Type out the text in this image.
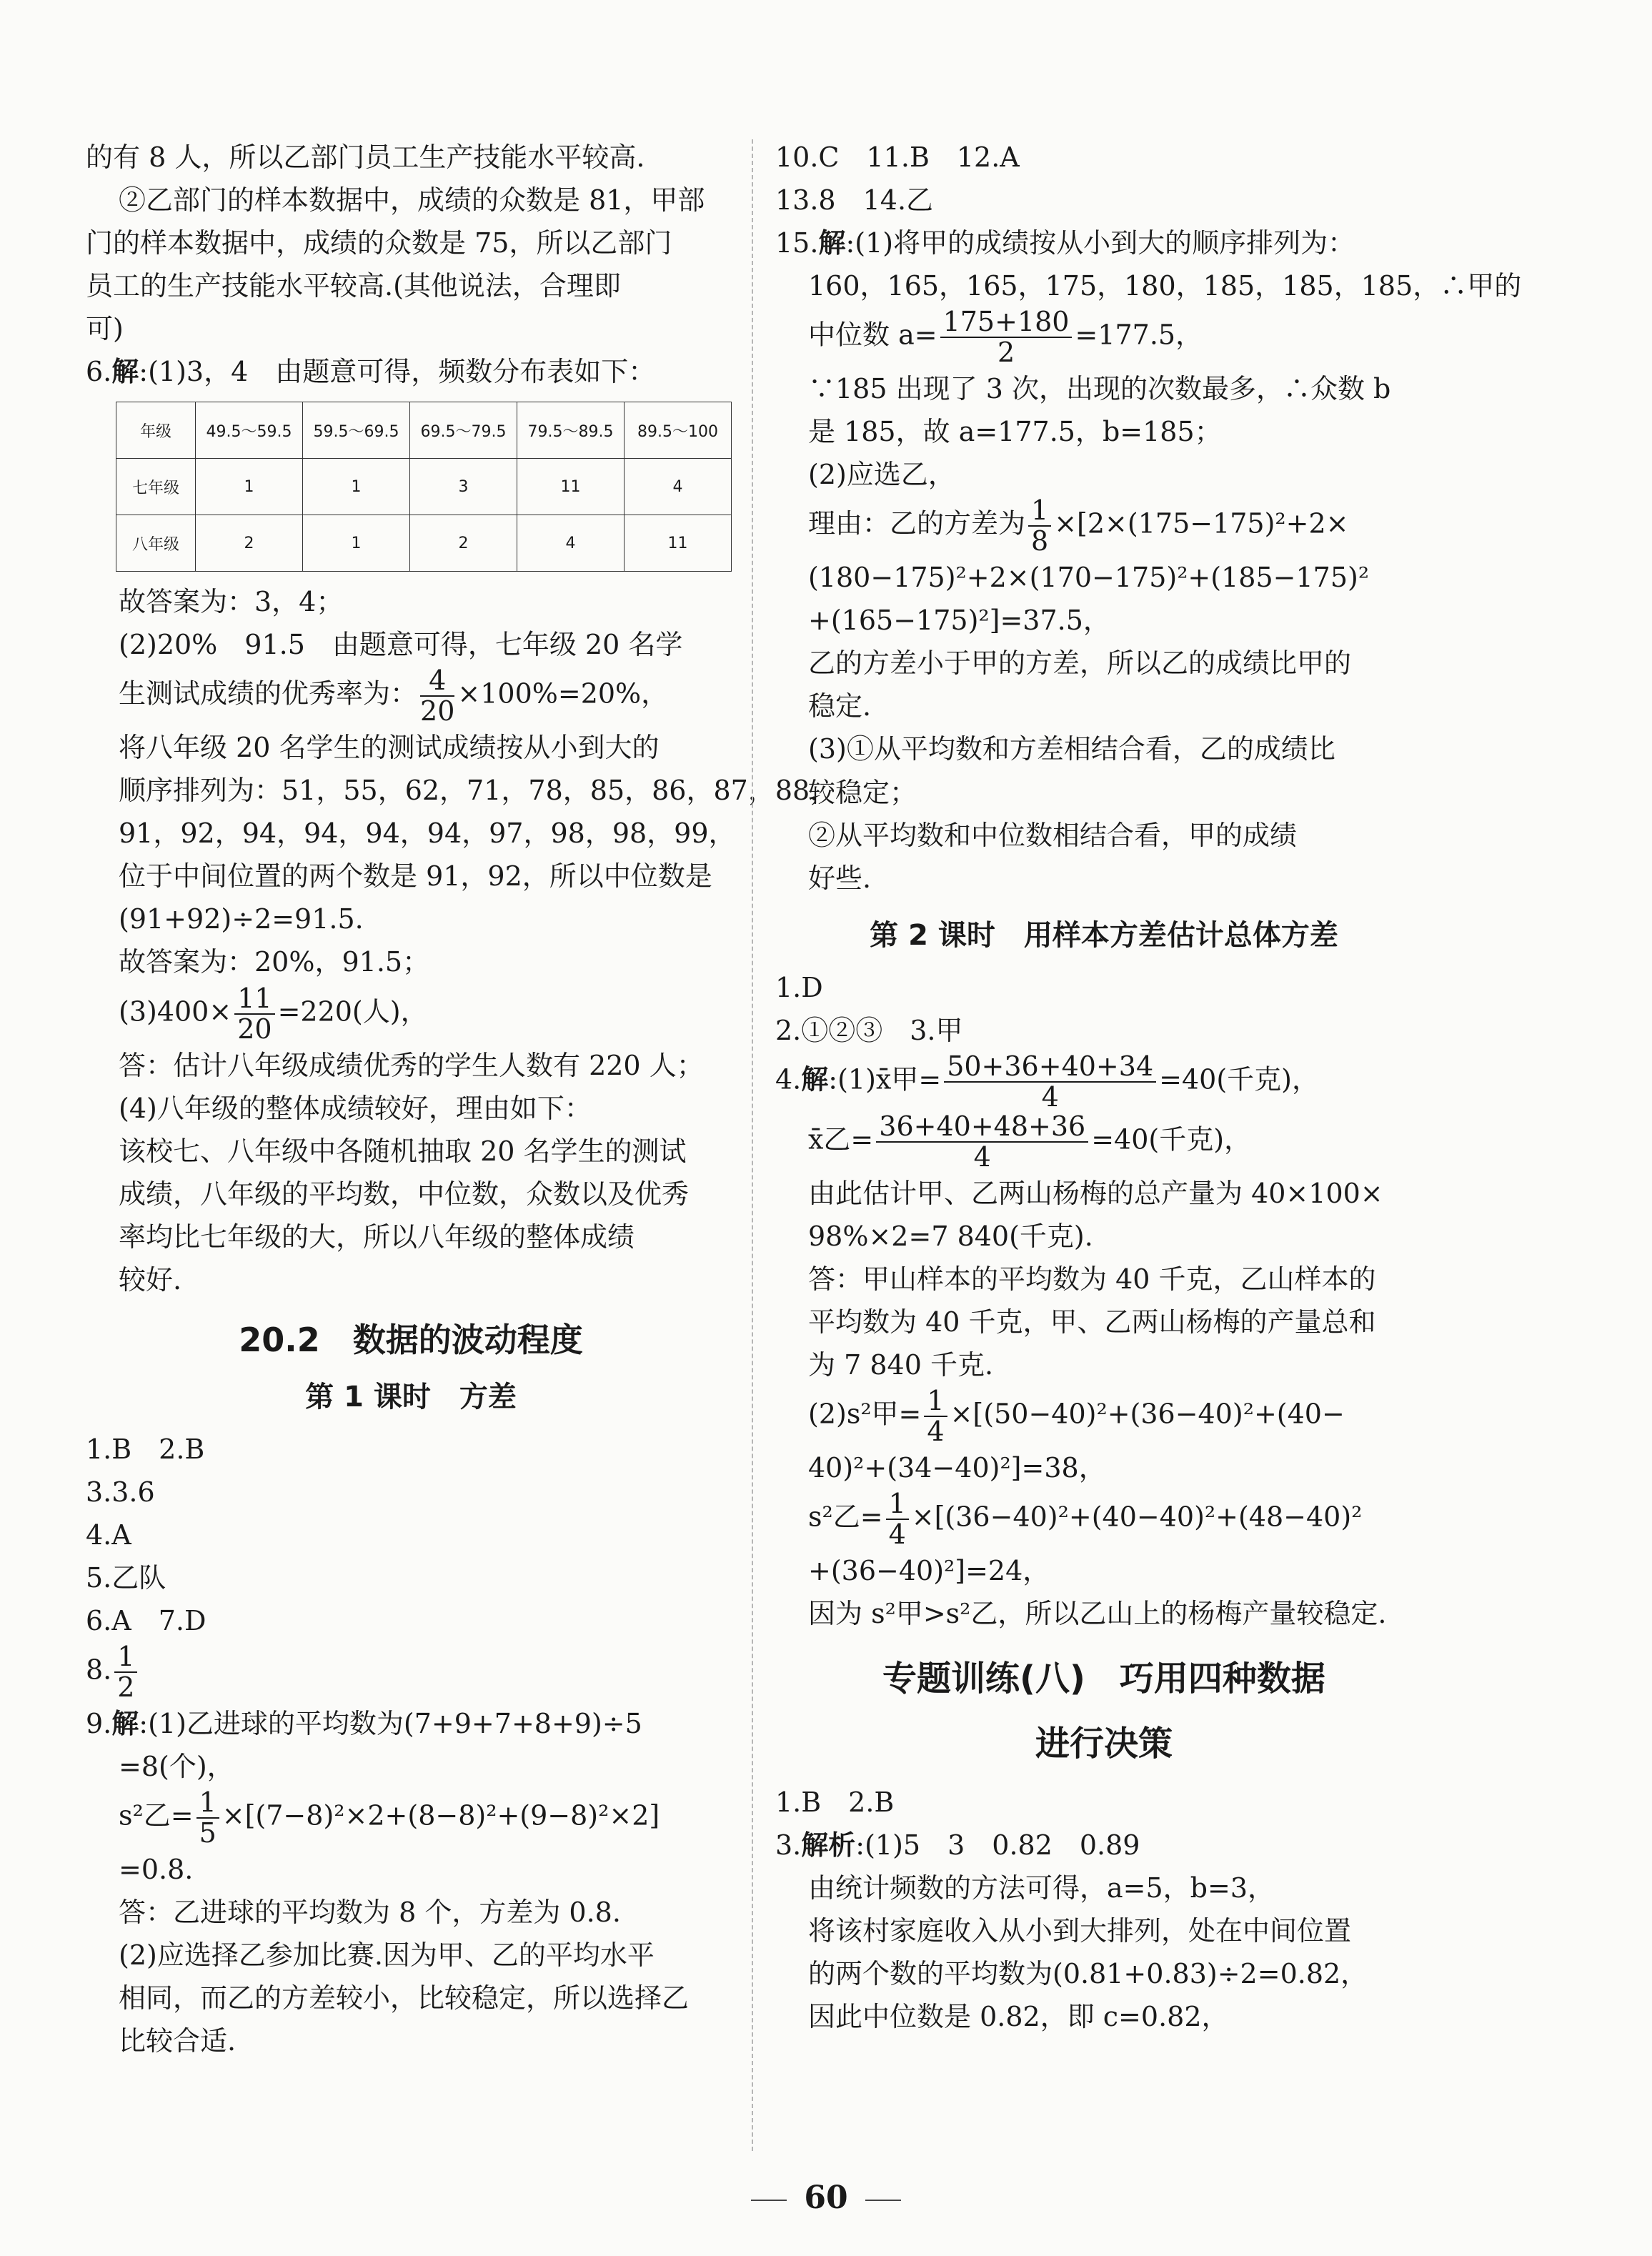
的有 8 人，所以乙部门员工生产技能水平较高.
②乙部门的样本数据中，成绩的众数是 81，甲部
门的样本数据中，成绩的众数是 75，所以乙部门
员工的生产技能水平较高.(其他说法，合理即
可)
6.解:(1)3，4　由题意可得，频数分布表如下：
年级	49.5～59.5	59.5～69.5	69.5～79.5	79.5～89.5	89.5～100
七年级	1	1	3	11	4
八年级	2	1	2	4	11
故答案为：3，4；
(2)20%　91.5　由题意可得，七年级 20 名学
生测试成绩的优秀率为： $\frac{4}{20} \times 100\%=20\%$，
将八年级 20 名学生的测试成绩按从小到大的
顺序排列为：51，55，62，71，78，85，86，87，88，
91，92，94，94，94，94，97，98，98，99，
位于中间位置的两个数是 91，92，所以中位数是
(91+92)÷2=91.5.
故答案为：20%，91.5；
$(3)400\times \frac{11}{20} =220$(人)，
答：估计八年级成绩优秀的学生人数有 220 人；
(4)八年级的整体成绩较好，理由如下：
该校七、八年级中各随机抽取 20 名学生的测试
成绩，八年级的平均数，中位数，众数以及优秀
率均比七年级的大，所以八年级的整体成绩
较好.
20.2　数据的波动程度
第 1 课时　方差
1.B　2.B
3.3.6
4.A
5.乙队
6.A　7.D
8. $\frac{1}{2}$
9.解:(1)乙进球的平均数为(7+9+7+8+9)÷5
=8(个)，
s²乙= $\frac{1}{5} \times[(7-8)^2\times 2+(8-8)^2+(9-8)^2\times 2]$
=0.8.
答：乙进球的平均数为 8 个，方差为 0.8.
(2)应选择乙参加比赛.因为甲、乙的平均水平
相同，而乙的方差较小，比较稳定，所以选择乙
比较合适.
10.C　11.B　12.A
13.8　14.乙
15.解:(1)将甲的成绩按从小到大的顺序排列为：
160，165，165，175，180，185，185，185，∴甲的
中位数 $a= \frac{175+180}{2} =177.5$，
∵185 出现了 3 次，出现的次数最多，∴众数 b
是 185，故 a=177.5，b=185；
(2)应选乙，
理由：乙的方差为 $\frac{1}{8} \times[2\times(175-175)^2+2\times$
(180−175)²+2×(170−175)²+(185−175)²
+(165−175)²]=37.5，
乙的方差小于甲的方差，所以乙的成绩比甲的
稳定.
(3)①从平均数和方差相结合看，乙的成绩比
较稳定；
②从平均数和中位数相结合看，甲的成绩
好些.
第 2 课时　用样本方差估计总体方差
1.D
2.①②③　3.甲
4.解:(1)x̄甲= $\frac{50+36+40+34}{4} =40$(千克)，
x̄乙= $\frac{36+40+48+36}{4} =40$(千克)，
由此估计甲、乙两山杨梅的总产量为 40×100×
98%×2=7 840(千克).
答：甲山样本的平均数为 40 千克，乙山样本的
平均数为 40 千克，甲、乙两山杨梅的产量总和
为 7 840 千克.
(2)s²甲= $\frac{1}{4} \times[(50-40)^2+(36-40)^2+(40-$
40)²+(34−40)²]=38，
s²乙= $\frac{1}{4} \times[(36-40)^2+(40-40)^2+(48-40)^2$
+(36−40)²]=24，
因为 s²甲>s²乙，所以乙山上的杨梅产量较稳定.
专题训练(八)　巧用四种数据
进行决策
1.B　2.B
3.解析:(1)5　3　0.82　0.89
由统计频数的方法可得，a=5，b=3，
将该村家庭收入从小到大排列，处在中间位置
的两个数的平均数为(0.81+0.83)÷2=0.82，
因此中位数是 0.82，即 c=0.82，
60
